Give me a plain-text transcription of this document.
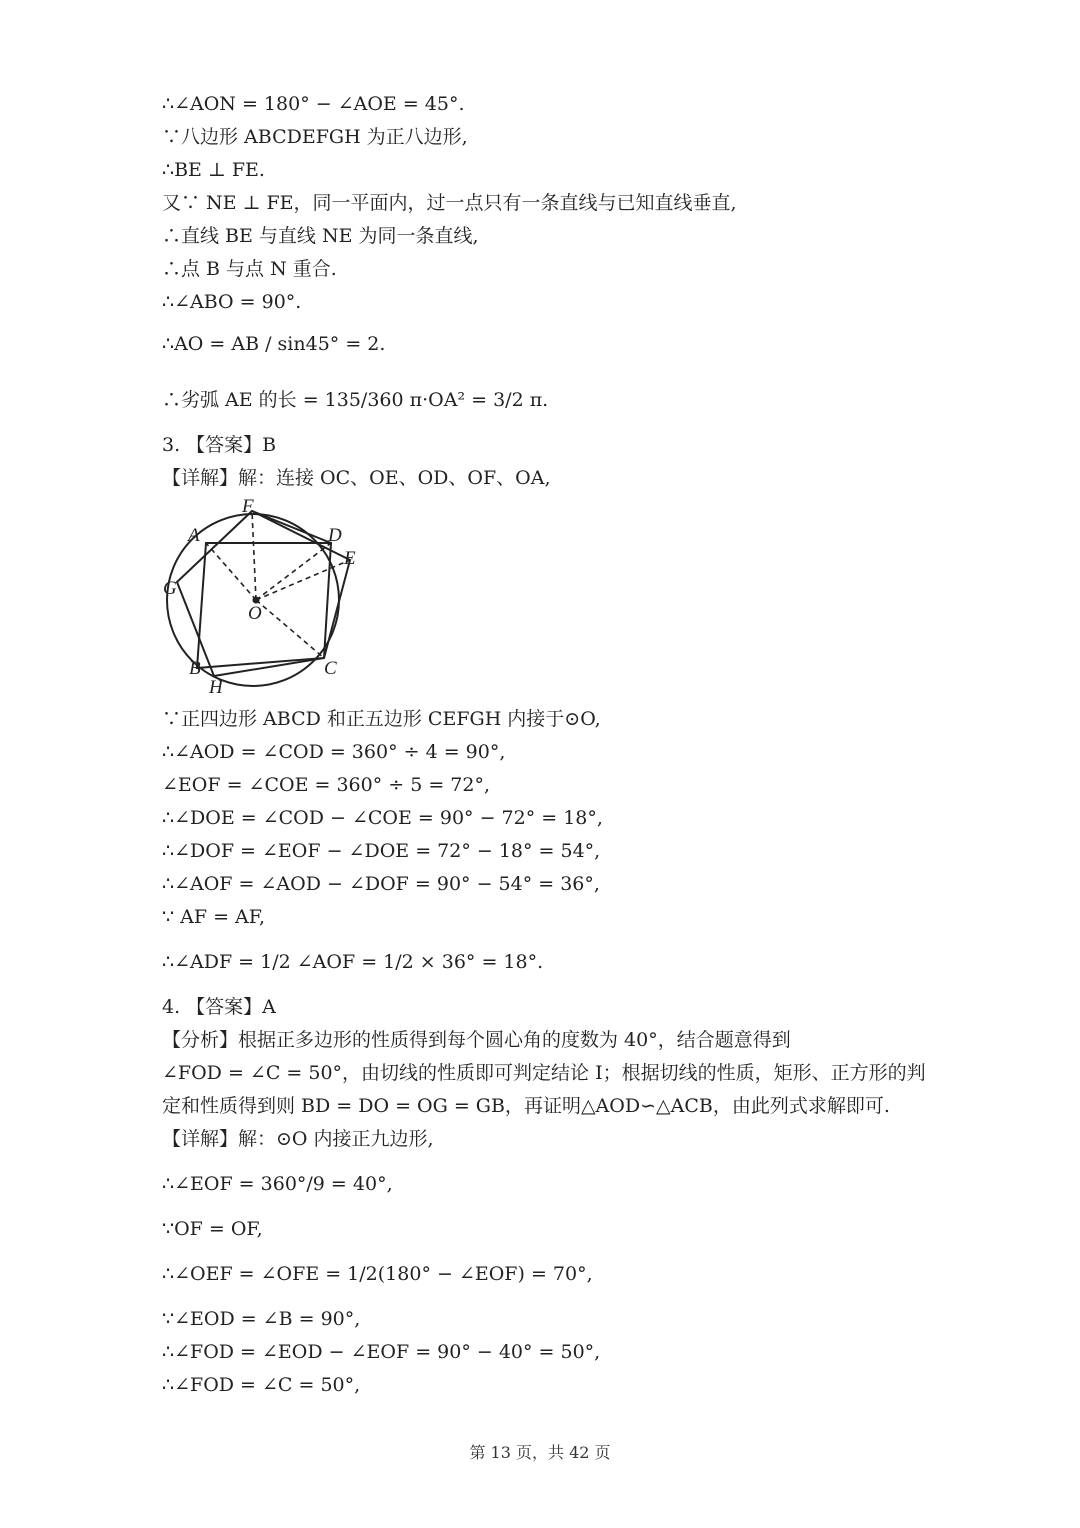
∴∠AON = 180° − ∠AOE = 45°.
∵八边形 ABCDEFGH 为正八边形,
∴BE ⊥ FE.
又∵ NE ⊥ FE，同一平面内，过一点只有一条直线与已知直线垂直,
∴直线 BE 与直线 NE 为同一条直线,
∴点 B 与点 N 重合.
∴∠ABO = 90°.
∴AO = AB / sin45° = 2.
∴劣弧 AE 的长 = 135/360 π·OA² = 3/2 π.
3. 【答案】B
【详解】解：连接 OC、OE、OD、OF、OA,
A
F
D
E
G
O
B	C
H
∵正四边形 ABCD 和正五边形 CEFGH 内接于⊙O,
∴∠AOD = ∠COD = 360° ÷ 4 = 90°,
∠EOF = ∠COE = 360° ÷ 5 = 72°,
∴∠DOE = ∠COD − ∠COE = 90° − 72° = 18°,
∴∠DOF = ∠EOF − ∠DOE = 72° − 18° = 54°,
∴∠AOF = ∠AOD − ∠DOF = 90° − 54° = 36°,
∵ AF = AF,
∴∠ADF = 1/2 ∠AOF = 1/2 × 36° = 18°.
4. 【答案】A
【分析】根据正多边形的性质得到每个圆心角的度数为 40°，结合题意得到
∠FOD = ∠C = 50°，由切线的性质即可判定结论 I；根据切线的性质，矩形、正方形的判
定和性质得到则 BD = DO = OG = GB，再证明△AOD∽△ACB，由此列式求解即可.
【详解】解：⊙O 内接正九边形,
∴∠EOF = 360°/9 = 40°,
∵OF = OF,
∴∠OEF = ∠OFE = 1/2(180° − ∠EOF) = 70°,
∵∠EOD = ∠B = 90°,
∴∠FOD = ∠EOD − ∠EOF = 90° − 40° = 50°,
∴∠FOD = ∠C = 50°,
第 13 页，共 42 页
